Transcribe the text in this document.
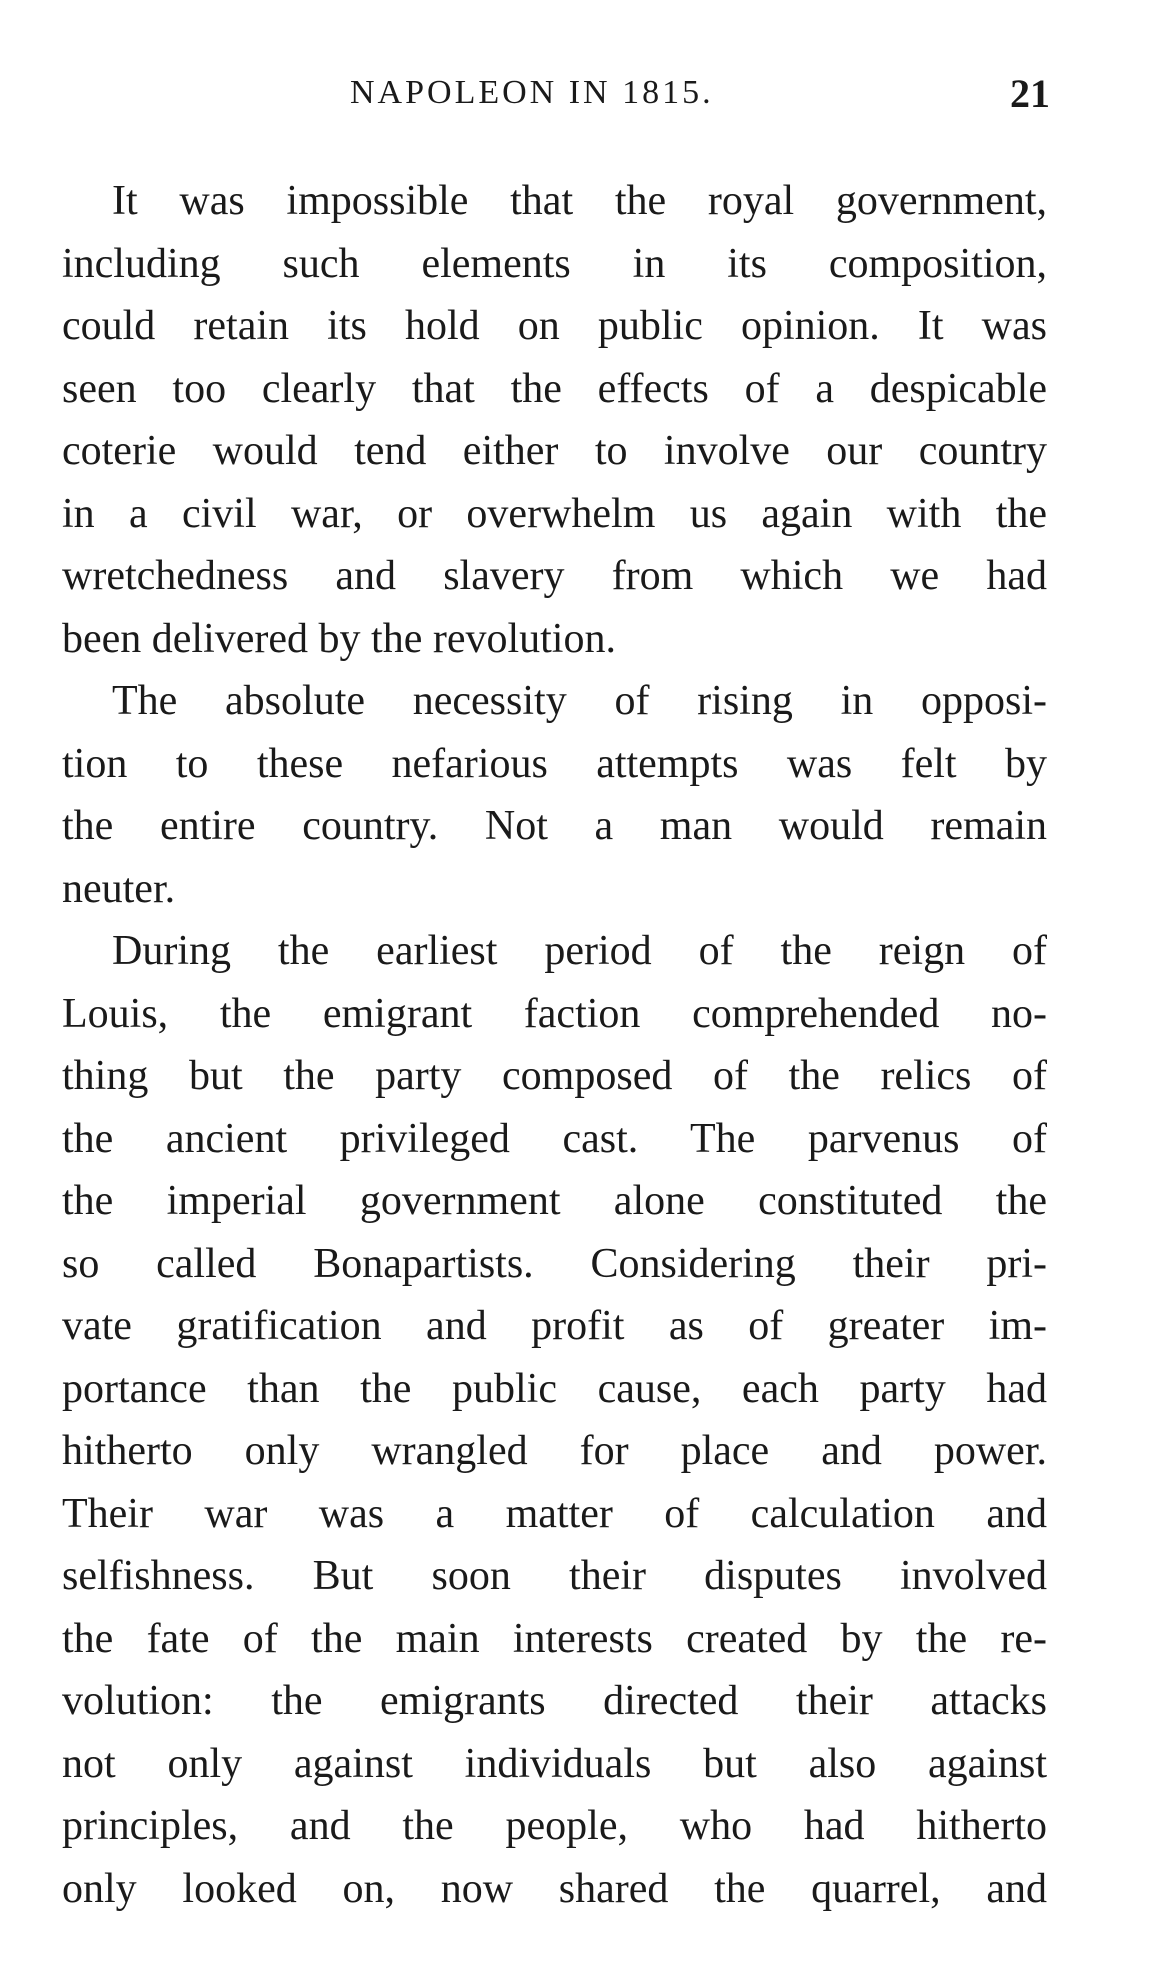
NAPOLEON IN 1815.	21

It was impossible that the royal government,
including such elements in its composition,
could retain its hold on public opinion. It was
seen too clearly that the effects of a despicable
coterie would tend either to involve our country
in a civil war, or overwhelm us again with the
wretchedness and slavery from which we had
been delivered by the revolution.

The absolute necessity of rising in opposi-
tion to these nefarious attempts was felt by
the entire country. Not a man would remain
neuter.

During the earliest period of the reign of
Louis, the emigrant faction comprehended no-
thing but the party composed of the relics of
the ancient privileged cast. The parvenus of
the imperial government alone constituted the
so called Bonapartists. Considering their pri-
vate gratification and profit as of greater im-
portance than the public cause, each party had
hitherto only wrangled for place and power.
Their war was a matter of calculation and
selfishness. But soon their disputes involved
the fate of the main interests created by the re-
volution: the emigrants directed their attacks
not only against individuals but also against
principles, and the people, who had hitherto
only looked on, now shared the quarrel, and
